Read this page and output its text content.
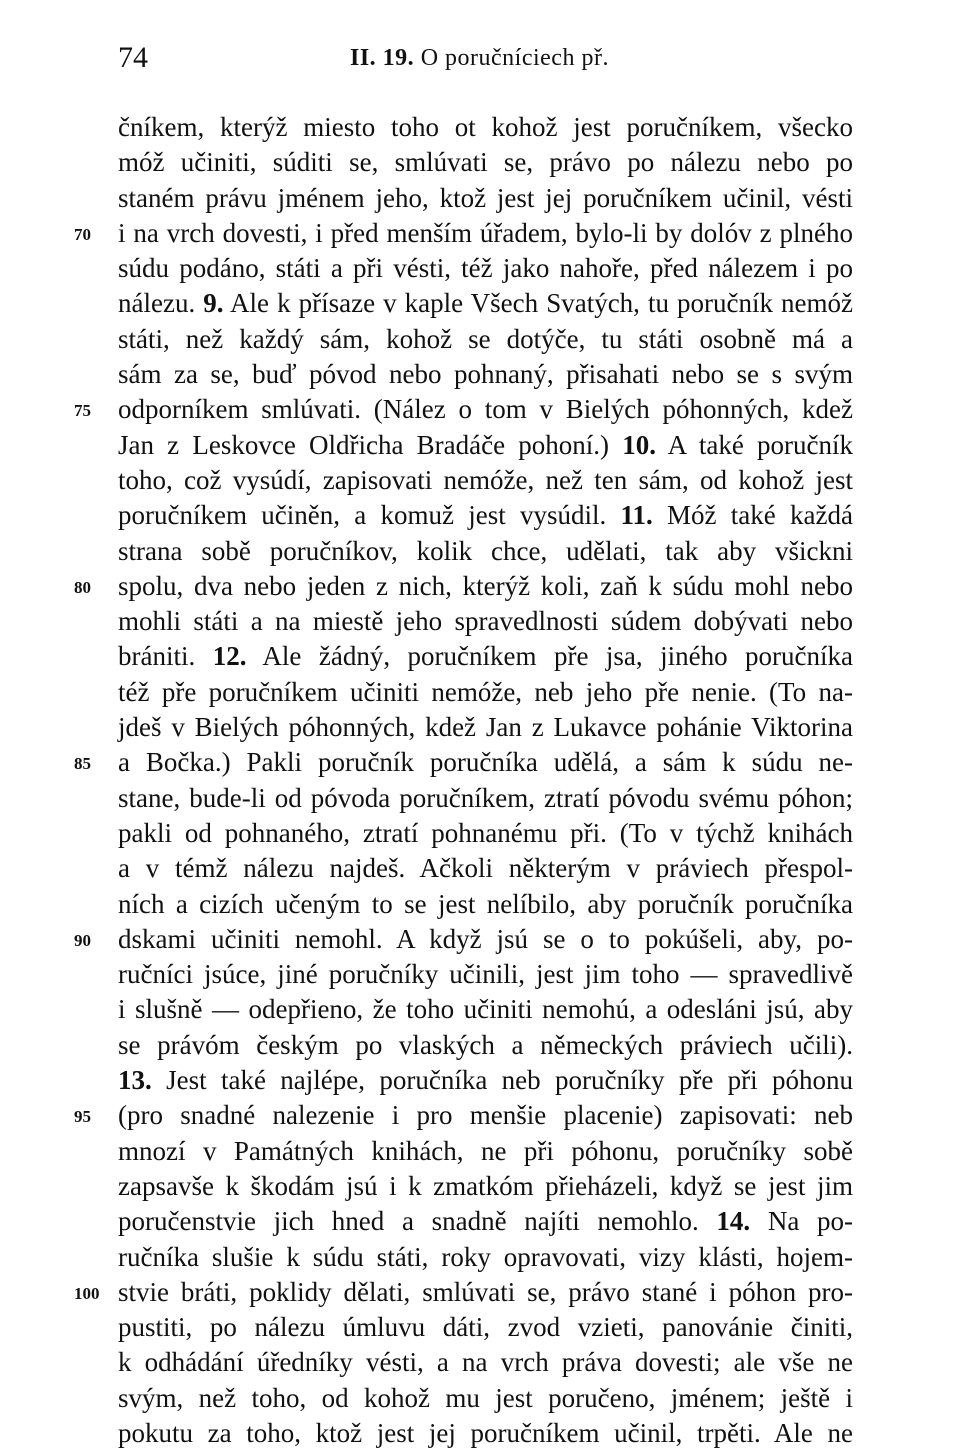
74	II. 19. O poručníciech př.
čníkem, kterýž miesto toho ot kohož jest poručníkem, všecko
móž učiniti, súditi se, smlúvati se, právo po nálezu nebo po
staném právu jménem jeho, ktož jest jej poručníkem učinil, vésti
70	i na vrch dovesti, i před menším úřadem, bylo-li by dolóv z plného
súdu podáno, státi a při vésti, též jako nahoře, před nálezem i po
nálezu. 9. Ale k přísaze v kaple Všech Svatých, tu poručník nemóž
státi, než každý sám, kohož se dotýče, tu státi osobně má a
sám za se, buď póvod nebo pohnaný, přisahati nebo se s svým
75	odporníkem smlúvati. (Nález o tom v Bielých póhonných, kdež
Jan z Leskovce Oldřicha Bradáče pohoní.) 10. A také poručník
toho, což vysúdí, zapisovati nemóže, než ten sám, od kohož jest
poručníkem učiněn, a komuž jest vysúdil. 11. Móž také každá
strana sobě poručníkov, kolik chce, udělati, tak aby všickni
80	spolu, dva nebo jeden z nich, kterýž koli, zaň k súdu mohl nebo
mohli státi a na miestě jeho spravedlnosti súdem dobývati nebo
brániti. 12. Ale žádný, poručníkem pře jsa, jiného poručníka
též pře poručníkem učiniti nemóže, neb jeho pře nenie. (To na-
jdeš v Bielých póhonných, kdež Jan z Lukavce pohánie Viktorina
85	a Bočka.) Pakli poručník poručníka udělá, a sám k súdu ne-
stane, bude-li od póvoda poručníkem, ztratí póvodu svému póhon;
pakli od pohnaného, ztratí pohnanému při. (To v týchž knihách
a v témž nálezu najdeš. Ačkoli některým v práviech přespol-
ních a cizích učeným to se jest nelíbilo, aby poručník poručníka
90	dskami učiniti nemohl. A když jsú se o to pokúšeli, aby, po-
ručníci jsúce, jiné poručníky učinili, jest jim toho — spravedlivě
i slušně — odepřieno, že toho učiniti nemohú, a odesláni jsú, aby
se právóm českým po vlaských a německých práviech učili).
13. Jest také najlépe, poručníka neb poručníky pře při póhonu
95	(pro snadné nalezenie i pro menšie placenie) zapisovati: neb
mnozí v Památných knihách, ne při póhonu, poručníky sobě
zapsavše k škodám jsú i k zmatkóm přieházeli, když se jest jim
poručenstvie jich hned a snadně najíti nemohlo. 14. Na po-
ručníka slušie k súdu státi, roky opravovati, vizy klásti, hojem-
100 stvie bráti, poklidy dělati, smlúvati se, právo stané i póhon pro-
pustiti, po nálezu úmluvu dáti, zvod vzieti, panovánie činiti,
k odhádání úředníky vésti, a na vrch práva dovesti; ale vše ne
svým, než toho, od kohož mu jest poručeno, jménem; ještě i
pokutu za toho, ktož jest jej poručníkem učinil, trpěti. Ale ne
